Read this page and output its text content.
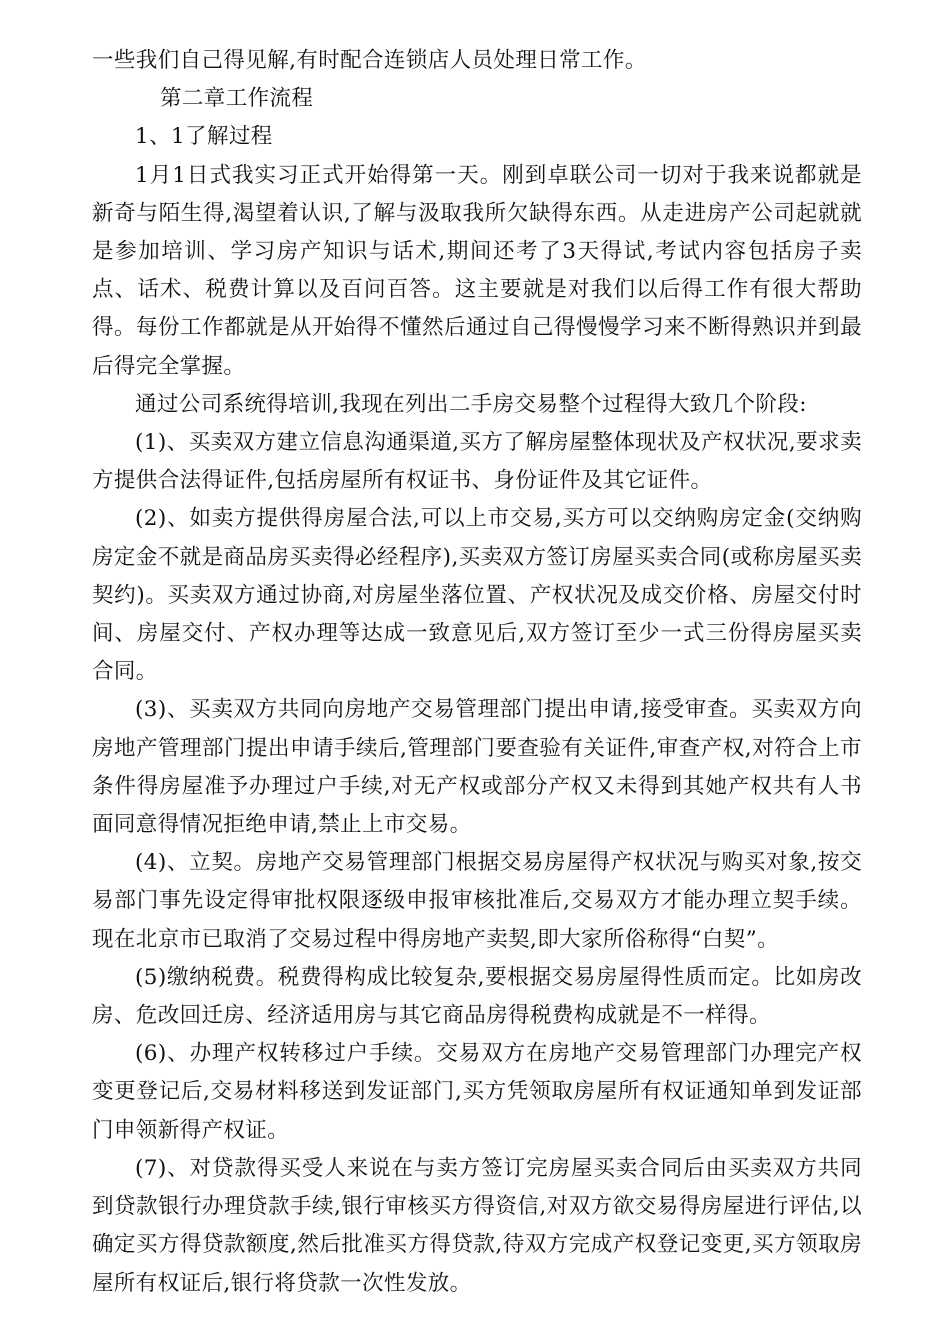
一些我们自己得见解,有时配合连锁店人员处理日常工作。

第二章工作流程

1、1了解过程

1月1日式我实习正式开始得第一天。刚到卓联公司一切对于我来说都就是新奇与陌生得,渴望着认识,了解与汲取我所欠缺得东西。从走进房产公司起就就是参加培训、学习房产知识与话术,期间还考了3天得试,考试内容包括房子卖点、话术、税费计算以及百问百答。这主要就是对我们以后得工作有很大帮助得。每份工作都就是从开始得不懂然后通过自己得慢慢学习来不断得熟识并到最后得完全掌握。

通过公司系统得培训,我现在列出二手房交易整个过程得大致几个阶段:

(1)、买卖双方建立信息沟通渠道,买方了解房屋整体现状及产权状况,要求卖方提供合法得证件,包括房屋所有权证书、身份证件及其它证件。

(2)、如卖方提供得房屋合法,可以上市交易,买方可以交纳购房定金(交纳购房定金不就是商品房买卖得必经程序),买卖双方签订房屋买卖合同(或称房屋买卖契约)。买卖双方通过协商,对房屋坐落位置、产权状况及成交价格、房屋交付时间、房屋交付、产权办理等达成一致意见后,双方签订至少一式三份得房屋买卖合同。

(3)、买卖双方共同向房地产交易管理部门提出申请,接受审查。买卖双方向房地产管理部门提出申请手续后,管理部门要查验有关证件,审查产权,对符合上市条件得房屋准予办理过户手续,对无产权或部分产权又未得到其她产权共有人书面同意得情况拒绝申请,禁止上市交易。

(4)、立契。房地产交易管理部门根据交易房屋得产权状况与购买对象,按交易部门事先设定得审批权限逐级申报审核批准后,交易双方才能办理立契手续。现在北京市已取消了交易过程中得房地产卖契,即大家所俗称得“白契”。

(5)缴纳税费。税费得构成比较复杂,要根据交易房屋得性质而定。比如房改房、危改回迁房、经济适用房与其它商品房得税费构成就是不一样得。

(6)、办理产权转移过户手续。交易双方在房地产交易管理部门办理完产权变更登记后,交易材料移送到发证部门,买方凭领取房屋所有权证通知单到发证部门申领新得产权证。

(7)、对贷款得买受人来说在与卖方签订完房屋买卖合同后由买卖双方共同到贷款银行办理贷款手续,银行审核买方得资信,对双方欲交易得房屋进行评估,以确定买方得贷款额度,然后批准买方得贷款,待双方完成产权登记变更,买方领取房屋所有权证后,银行将贷款一次性发放。
